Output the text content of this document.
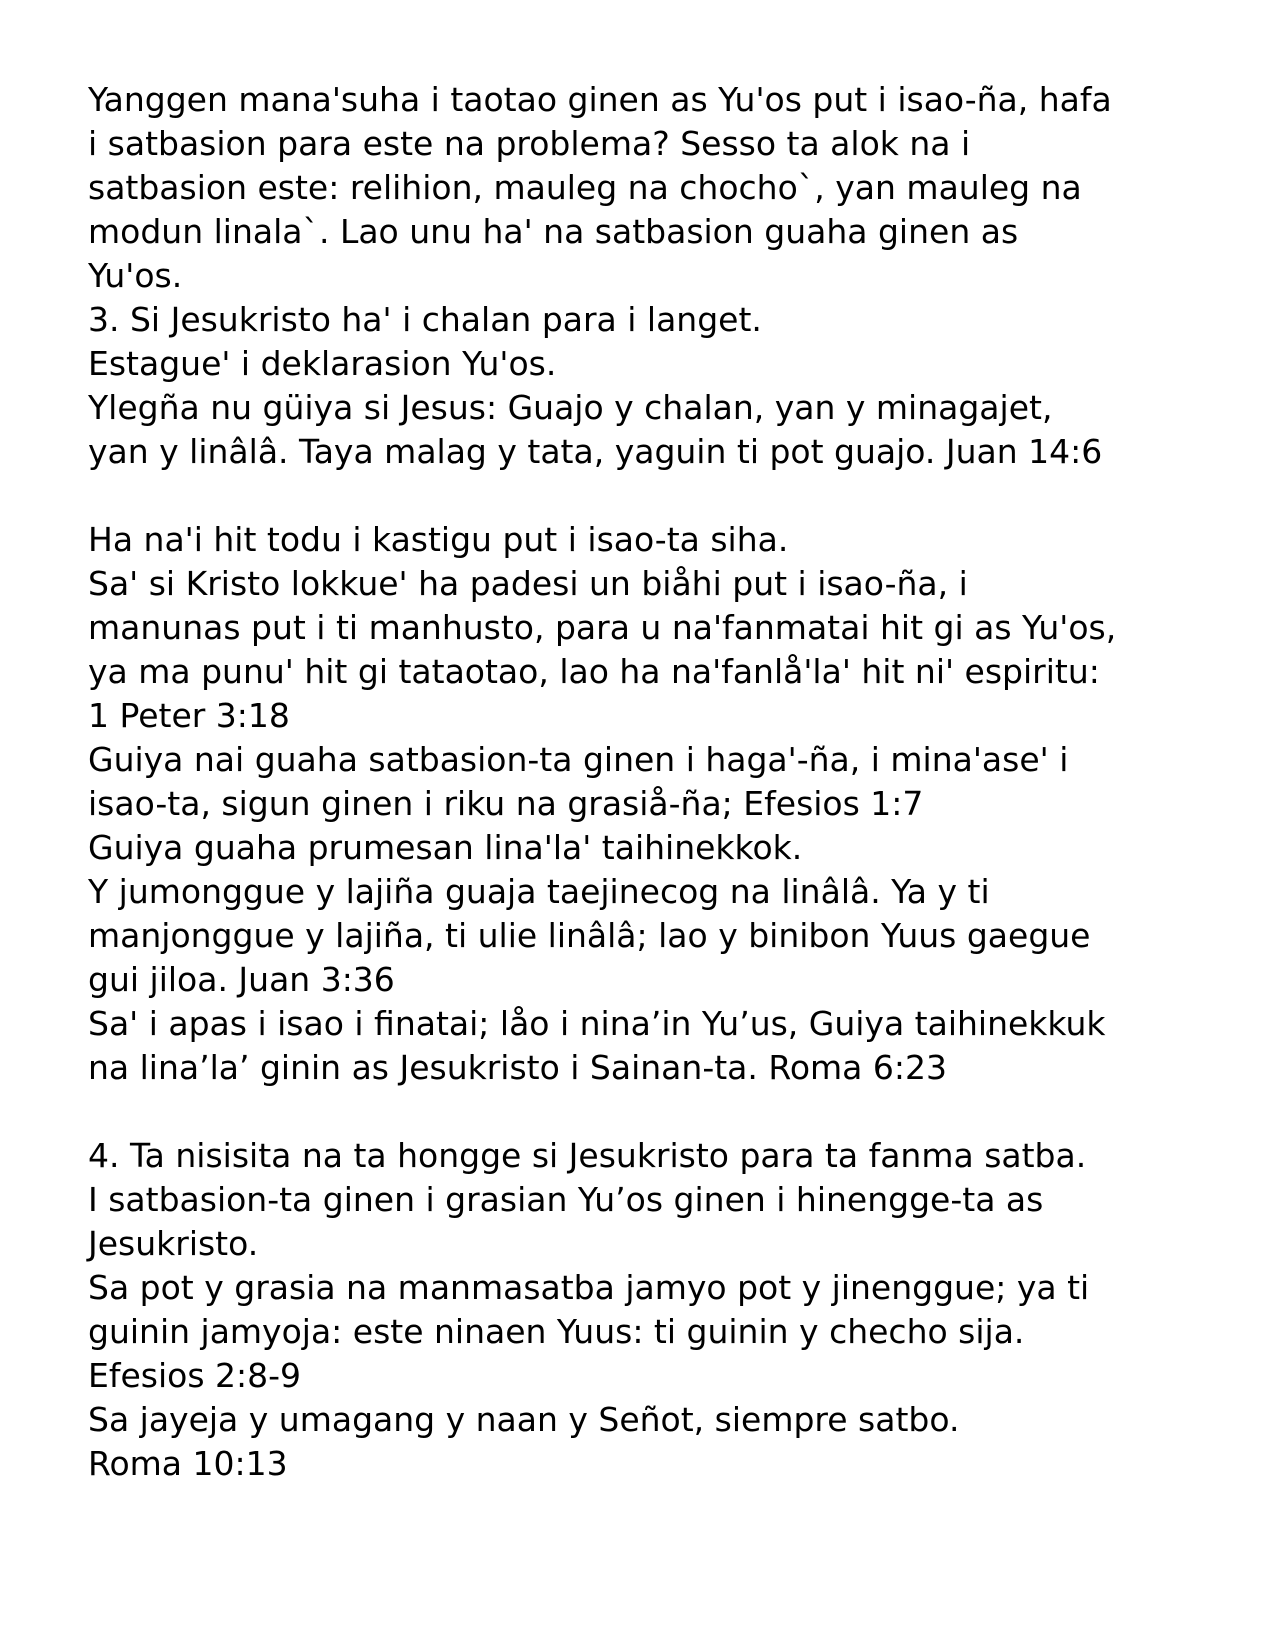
Yanggen mana'suha i taotao ginen as Yu'os put i isao-ña, hafa
i satbasion para este na problema? Sesso ta alok na i
satbasion este: relihion, mauleg na chocho`, yan mauleg na
modun linala`. Lao unu ha' na satbasion guaha ginen as
Yu'os.
3. Si Jesukristo ha' i chalan para i langet.
Estague' i deklarasion Yu'os.
Ylegña nu güiya si Jesus: Guajo y chalan, yan y minagajet,
yan y linâlâ. Taya malag y tata, yaguin ti pot guajo. Juan 14:6
Ha na'i hit todu i kastigu put i isao-ta siha.
Sa' si Kristo lokkue' ha padesi un biåhi put i isao-ña, i
manunas put i ti manhusto, para u na'fanmatai hit gi as Yu'os,
ya ma punu' hit gi tataotao, lao ha na'fanlå'la' hit ni' espiritu:
1 Peter 3:18
Guiya nai guaha satbasion-ta ginen i haga'-ña, i mina'ase' i
isao-ta, sigun ginen i riku na grasiå-ña; Efesios 1:7
Guiya guaha prumesan lina'la' taihinekkok.
Y jumonggue y lajiña guaja taejinecog na linâlâ. Ya y ti
manjonggue y lajiña, ti ulie linâlâ; lao y binibon Yuus gaegue
gui jiloa. Juan 3:36
Sa' i apas i isao i finatai; låo i nina’in Yu’us, Guiya taihinekkuk
na lina’la’ ginin as Jesukristo i Sainan-ta. Roma 6:23
4. Ta nisisita na ta hongge si Jesukristo para ta fanma satba.
I satbasion-ta ginen i grasian Yu’os ginen i hinengge-ta as
Jesukristo.
Sa pot y grasia na manmasatba jamyo pot y jinenggue; ya ti
guinin jamyoja: este ninaen Yuus: ti guinin y checho sija.
Efesios 2:8-9
Sa jayeja y umagang y naan y Señot, siempre satbo.
Roma 10:13
